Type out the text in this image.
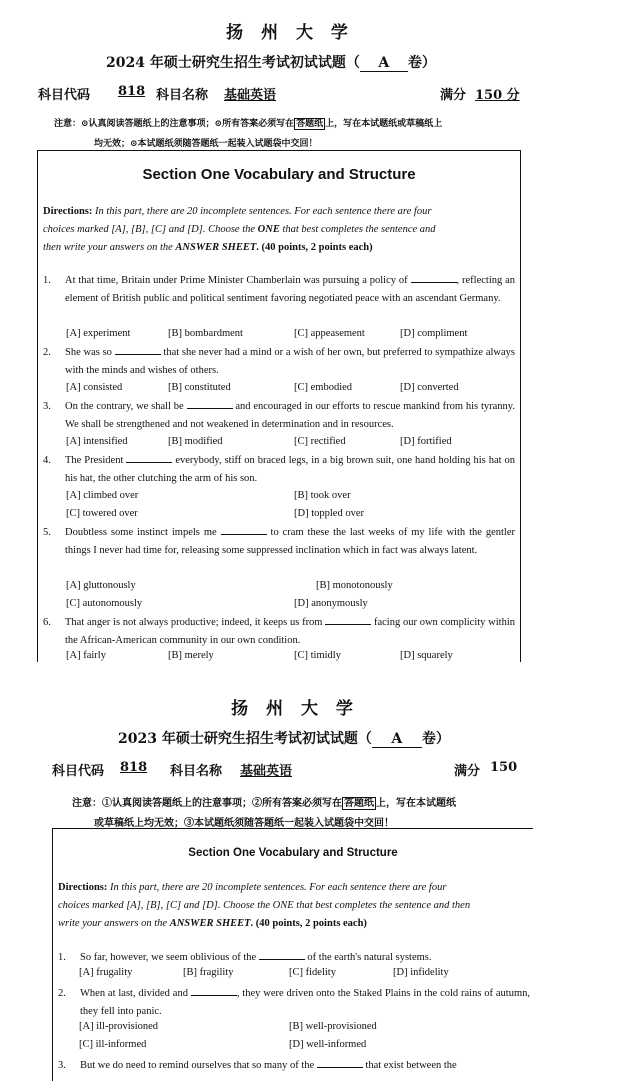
扬 州 大 学
2024 年硕士研究生招生考试初试试题（ A 卷）
科目代码 818 科目名称 基础英语	满分 150 分
注意：⊙认真阅读答题纸上的注意事项；⊙所有答案必须写在 答题纸 上，写在本试题纸或草稿纸上
均无效；⊙本试题纸须随答题纸一起装入试题袋中交回！
Section One Vocabulary and Structure
Directions: In this part, there are 20 incomplete sentences. For each sentence there are four
choices marked [A], [B], [C] and [D]. Choose the ONE that best completes the sentence and
then write your answers on the ANSWER SHEET. (40 points, 2 points each)
1. At that time, Britain under Prime Minister Chamberlain was pursuing a policy of	, reflecting an element of British public and political sentiment favoring negotiated peace with an ascendant Germany.
[A] experiment	[B] bombardment	[C] appeasement	[D] compliment
2. She was so	that she never had a mind or a wish of her own, but preferred to sympathize always with the minds and wishes of others.
[A] consisted	[B] constituted	[C] embodied	[D] converted
3. On the contrary, we shall be	and encouraged in our efforts to rescue mankind from his tyranny. We shall be strengthened and not weakened in determination and in resources.
[A] intensified	[B] modified	[C] rectified	[D] fortified
4. The President	everybody, stiff on braced legs, in a big brown suit, one hand holding his hat on his hat, the other clutching the arm of his son.
[A] climbed over	[B] took over
[C] towered over	[D] toppled over
5. Doubtless some instinct impels me	to cram these the last weeks of my life with the gentler things I never had time for, releasing some suppressed inclination which in fact was always latent.
[A] gluttonously	[B] monotonously
[C] autonomously	[D] anonymously
6. That anger is not always productive; indeed, it keeps us from	facing our own complicity within the African-American community in our own condition.
[A] fairly	[B] merely	[C] timidly	[D] squarely
扬 州 大 学
2023 年硕士研究生招生考试初试试题（ A 卷）
科目代码 818 科目名称 基础英语	满分 150
注意：①认真阅读答题纸上的注意事项；②所有答案必须写在 答题纸 上，写在本试题纸
或草稿纸上均无效；③本试题纸须随答题纸一起装入试题袋中交回！
Section One Vocabulary and Structure
Directions: In this part, there are 20 incomplete sentences. For each sentence there are four
choices marked [A], [B], [C] and [D]. Choose the ONE that best completes the sentence and then
write your answers on the ANSWER SHEET. (40 points, 2 points each)
1. So far, however, we seem oblivious of the	of the earth's natural systems.
[A] frugality	[B] fragility	[C] fidelity	[D] infidelity
2. When at last, divided and	, they were driven onto the Staked Plains in the cold rains of autumn, they fell into panic.
[A] ill-provisioned	[B] well-provisioned
[C] ill-informed	[D] well-informed
3. But we do need to remind ourselves that so many of the	that exist between the
